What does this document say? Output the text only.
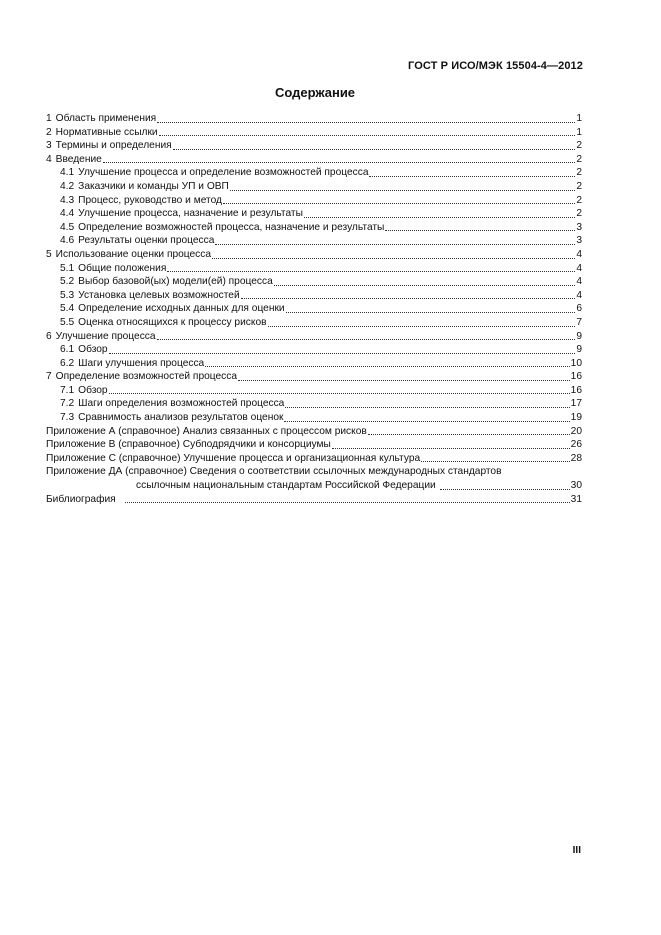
ГОСТ Р ИСО/МЭК 15504-4—2012
Содержание
1 Область применения	1
2 Нормативные ссылки	1
3 Термины и определения	2
4 Введение	2
4.1 Улучшение процесса и определение возможностей процесса	2
4.2 Заказчики и команды УП и ОВП	2
4.3 Процесс, руководство и метод	2
4.4 Улучшение процесса, назначение и результаты	2
4.5 Определение возможностей процесса, назначение и результаты	3
4.6 Результаты оценки процесса	3
5 Использование оценки процесса	4
5.1 Общие положения	4
5.2 Выбор базовой(ых) модели(ей) процесса	4
5.3 Установка целевых возможностей	4
5.4 Определение исходных данных для оценки	6
5.5 Оценка относящихся к процессу рисков	7
6 Улучшение процесса	9
6.1 Обзор	9
6.2 Шаги улучшения процесса	10
7 Определение возможностей процесса	16
7.1 Обзор	16
7.2 Шаги определения возможностей процесса	17
7.3 Сравнимость анализов результатов оценок	19
Приложение А (справочное) Анализ связанных с процессом рисков	20
Приложение В (справочное) Субподрядчики и консорциумы	26
Приложение С (справочное) Улучшение процесса и организационная культура	28
Приложение ДА (справочное) Сведения о соответствии ссылочных международных стандартов
ссылочным национальным стандартам Российской Федерации	30
Библиография	31
III
